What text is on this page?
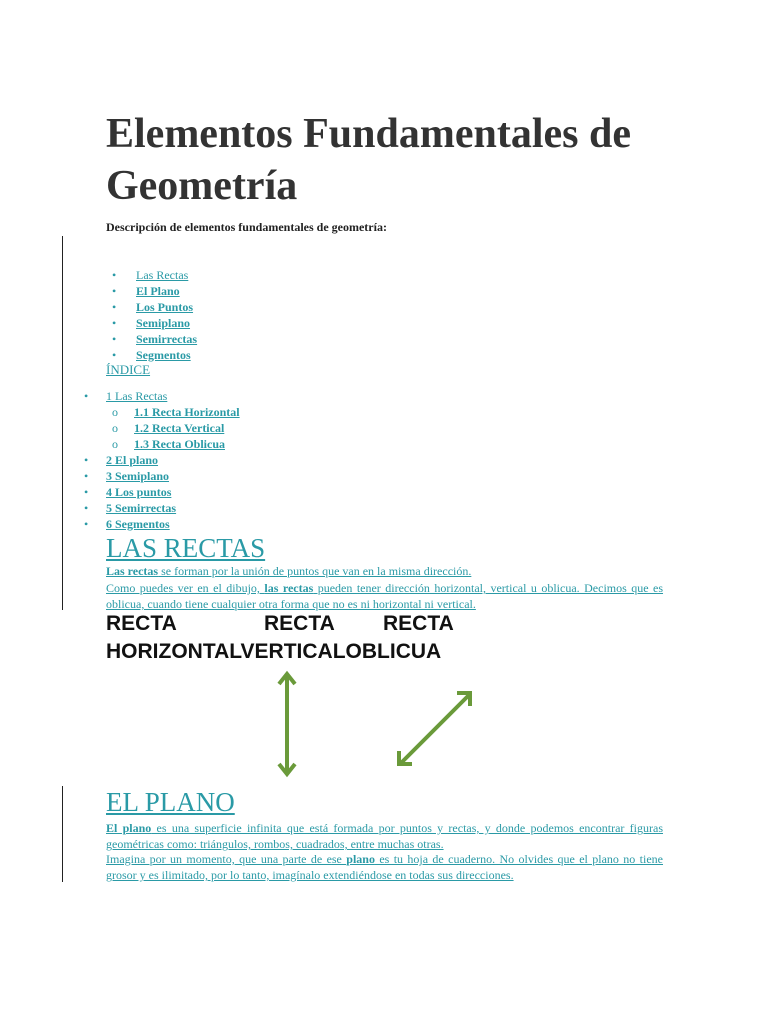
Elementos Fundamentales de
Geometría
Descripción de elementos fundamentales de geometría:
• Las Rectas
• El Plano
• Los Puntos
• Semiplano
• Semirrectas
• Segmentos
ÍNDICE
• 1 Las Rectas
o 1.1 Recta Horizontal
o 1.2 Recta Vertical
o 1.3 Recta Oblicua
• 2 El plano
• 3 Semiplano
• 4 Los puntos
• 5 Semirrectas
• 6 Segmentos
LAS RECTAS
Las rectas se forman por la unión de puntos que van en la misma dirección.
Como puedes ver en el dibujo, las rectas pueden tener dirección horizontal, vertical u oblicua. Decimos que es oblicua, cuando tiene cualquier otra forma que no es ni horizontal ni vertical.
RECTA	RECTA RECTA
HORIZONTALVERTICALOBLICUA
EL PLANO
El plano es una superficie infinita que está formada por puntos y rectas, y donde podemos encontrar figuras geométricas como: triángulos, rombos, cuadrados, entre muchas otras.
Imagina por un momento, que una parte de ese plano es tu hoja de cuaderno. No olvides que el plano no tiene grosor y es ilimitado, por lo tanto, imagínalo extendiéndose en todas sus direcciones.
